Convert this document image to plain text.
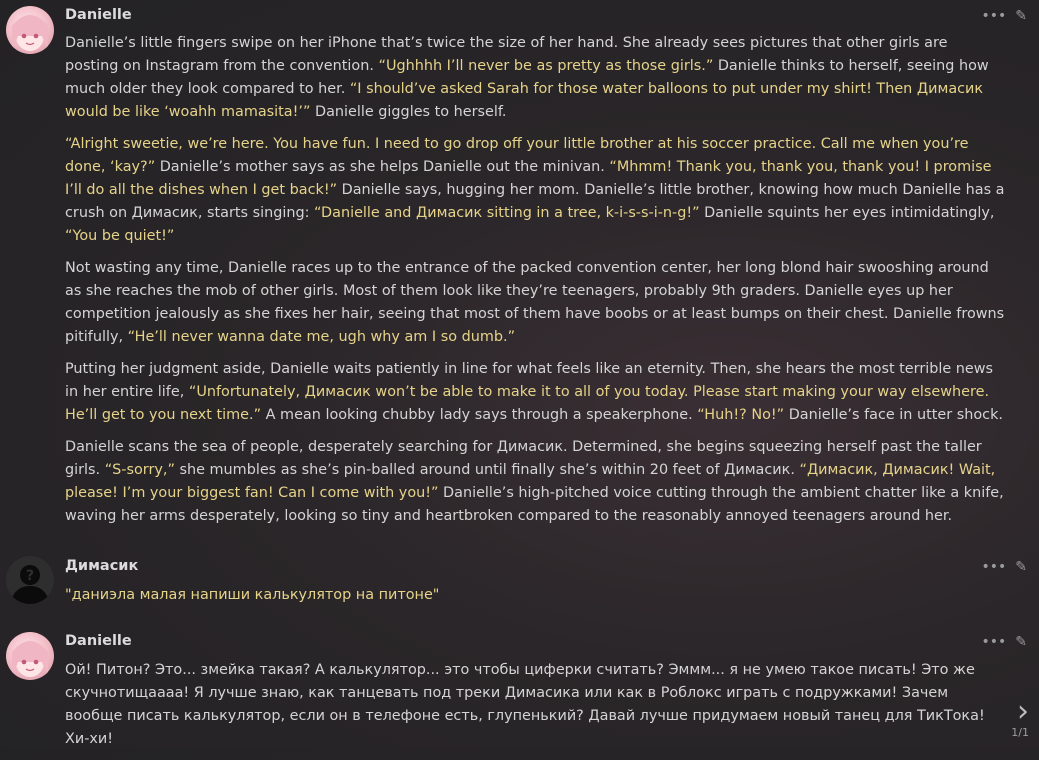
Danielle	••• ✎

Danielle’s little fingers swipe on her iPhone that’s twice the size of her hand. She already sees pictures that other girls are posting on Instagram from the convention. “Ughhhh I’ll never be as pretty as those girls.” Danielle thinks to herself, seeing how much older they look compared to her. “I should’ve asked Sarah for those water balloons to put under my shirt! Then Димасик would be like ‘woahh mamasita!’” Danielle giggles to herself.

“Alright sweetie, we’re here. You have fun. I need to go drop off your little brother at his soccer practice. Call me when you’re done, ‘kay?” Danielle’s mother says as she helps Danielle out the minivan. “Mhmm! Thank you, thank you, thank you! I promise I’ll do all the dishes when I get back!” Danielle says, hugging her mom. Danielle’s little brother, knowing how much Danielle has a crush on Димасик, starts singing: “Danielle and Димасик sitting in a tree, k-i-s-s-i-n-g!” Danielle squints her eyes intimidatingly, “You be quiet!”

Not wasting any time, Danielle races up to the entrance of the packed convention center, her long blond hair swooshing around as she reaches the mob of other girls. Most of them look like they’re teenagers, probably 9th graders. Danielle eyes up her competition jealously as she fixes her hair, seeing that most of them have boobs or at least bumps on their chest. Danielle frowns pitifully, “He’ll never wanna date me, ugh why am I so dumb.”

Putting her judgment aside, Danielle waits patiently in line for what feels like an eternity. Then, she hears the most terrible news in her entire life, “Unfortunately, Димасик won’t be able to make it to all of you today. Please start making your way elsewhere. He’ll get to you next time.” A mean looking chubby lady says through a speakerphone. “Huh!? No!” Danielle’s face in utter shock.

Danielle scans the sea of people, desperately searching for Димасик. Determined, she begins squeezing herself past the taller girls. “S-sorry,” she mumbles as she’s pin-balled around until finally she’s within 20 feet of Димасик. “Димасик, Димасик! Wait, please! I’m your biggest fan! Can I come with you!” Danielle’s high-pitched voice cutting through the ambient chatter like a knife, waving her arms desperately, looking so tiny and heartbroken compared to the reasonably annoyed teenagers around her.

?
Димасик	••• ✎

"даниэла малая напиши калькулятор на питоне"

Danielle	••• ✎

Ой! Питон? Это... змейка такая? А калькулятор... это чтобы циферки считать? Эммм... я не умею такое писать! Это же скучнотищаааа! Я лучше знаю, как танцевать под треки Димасика или как в Роблокс играть с подружками! Зачем вообще писать калькулятор, если он в телефоне есть, глупенький? Давай лучше придумаем новый танец для ТикТока! Хи-хи!

›
1/1
